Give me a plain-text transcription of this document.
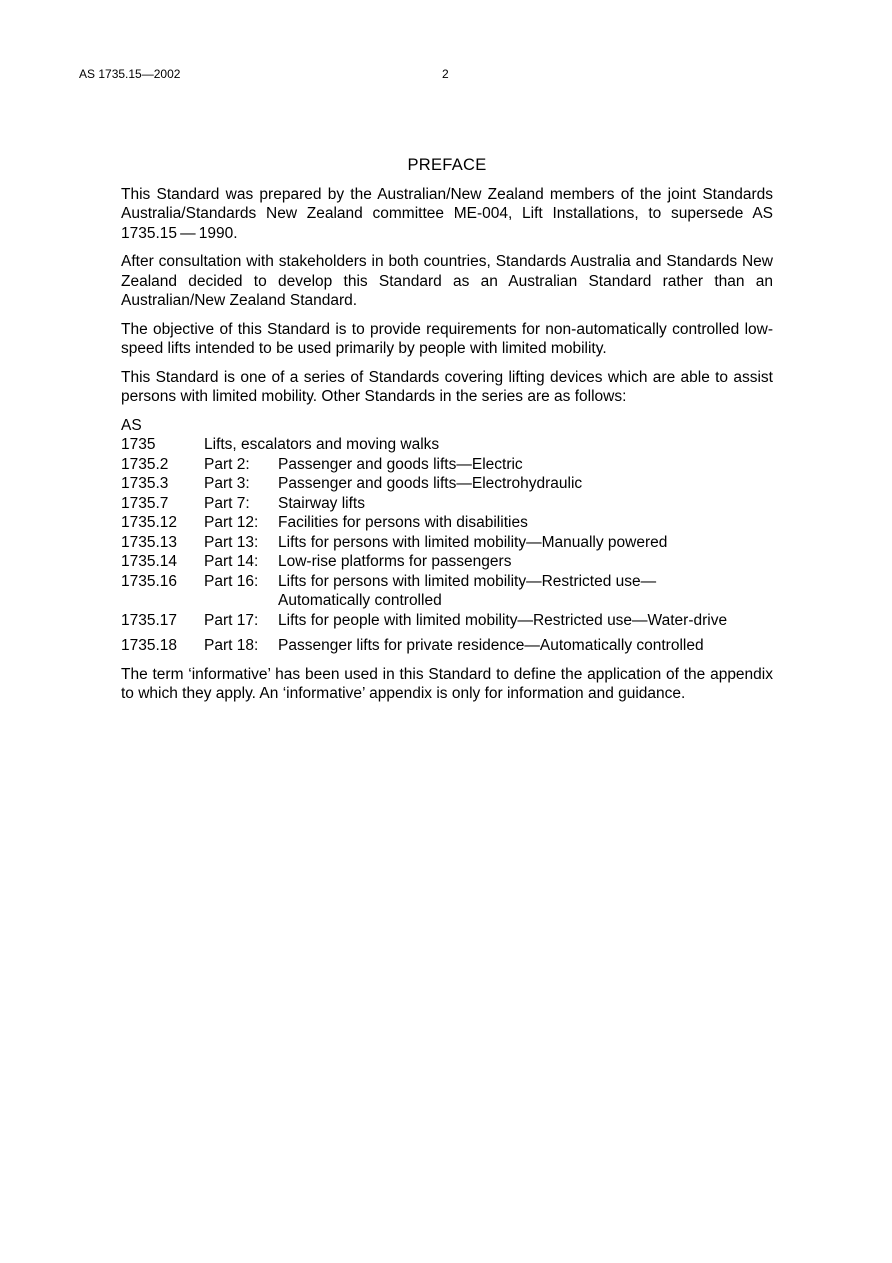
AS 1735.15—2002	2
PREFACE

This Standard was prepared by the Australian/New Zealand members of the joint Standards Australia/Standards New Zealand committee ME-004, Lift Installations, to supersede AS 1735.15 — 1990.

After consultation with stakeholders in both countries, Standards Australia and Standards New Zealand decided to develop this Standard as an Australian Standard rather than an Australian/New Zealand Standard.

The objective of this Standard is to provide requirements for non-automatically controlled low-speed lifts intended to be used primarily by people with limited mobility.

This Standard is one of a series of Standards covering lifting devices which are able to assist persons with limited mobility. Other Standards in the series are as follows:

AS
1735	Lifts, escalators and moving walks
1735.2	Part 2:	Passenger and goods lifts—Electric
1735.3	Part 3:	Passenger and goods lifts—Electrohydraulic
1735.7	Part 7:	Stairway lifts
1735.12	Part 12:	Facilities for persons with disabilities
1735.13	Part 13:	Lifts for persons with limited mobility—Manually powered
1735.14	Part 14:	Low-rise platforms for passengers
1735.16	Part 16:	Lifts for persons with limited mobility—Restricted use— Automatically controlled
1735.17	Part 17:	Lifts for people with limited mobility—Restricted use—Water-drive
1735.18	Part 18:	Passenger lifts for private residence—Automatically controlled

The term ‘informative’ has been used in this Standard to define the application of the appendix to which they apply. An ‘informative’ appendix is only for information and guidance.
